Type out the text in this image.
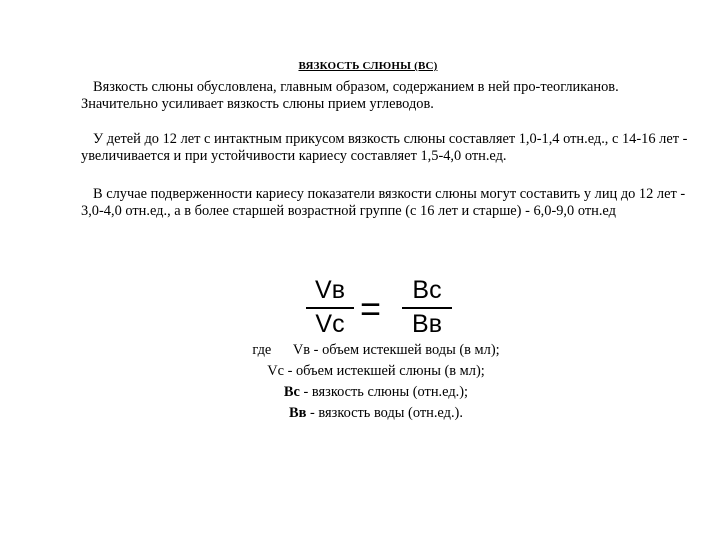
ВЯЗКОСТЬ СЛЮНЫ (ВС)

Вязкость слюны обусловлена, главным образом, содержанием в ней про-теогликанов. Значительно усиливает вязкость слюны прием углеводов.

У детей до 12 лет с интактным прикусом вязкость слюны составляет 1,0-1,4 отн.ед., с 14-16 лет - увеличивается и при устойчивости кариесу составляет 1,5-4,0 отн.ед.

В случае подверженности кариесу показатели вязкости слюны могут составить у лиц до 12 лет - 3,0-4,0 отн.ед., а в более старшей возрастной группе (с 16 лет и старше) - 6,0-9,0 отн.ед

Vв
Vс =	Вс
Вв
где Vв - объем истекшей воды (в мл);
Vс - объем истекшей слюны (в мл);
Вс - вязкость слюны (отн.ед.);
Вв - вязкость воды (отн.ед.).
